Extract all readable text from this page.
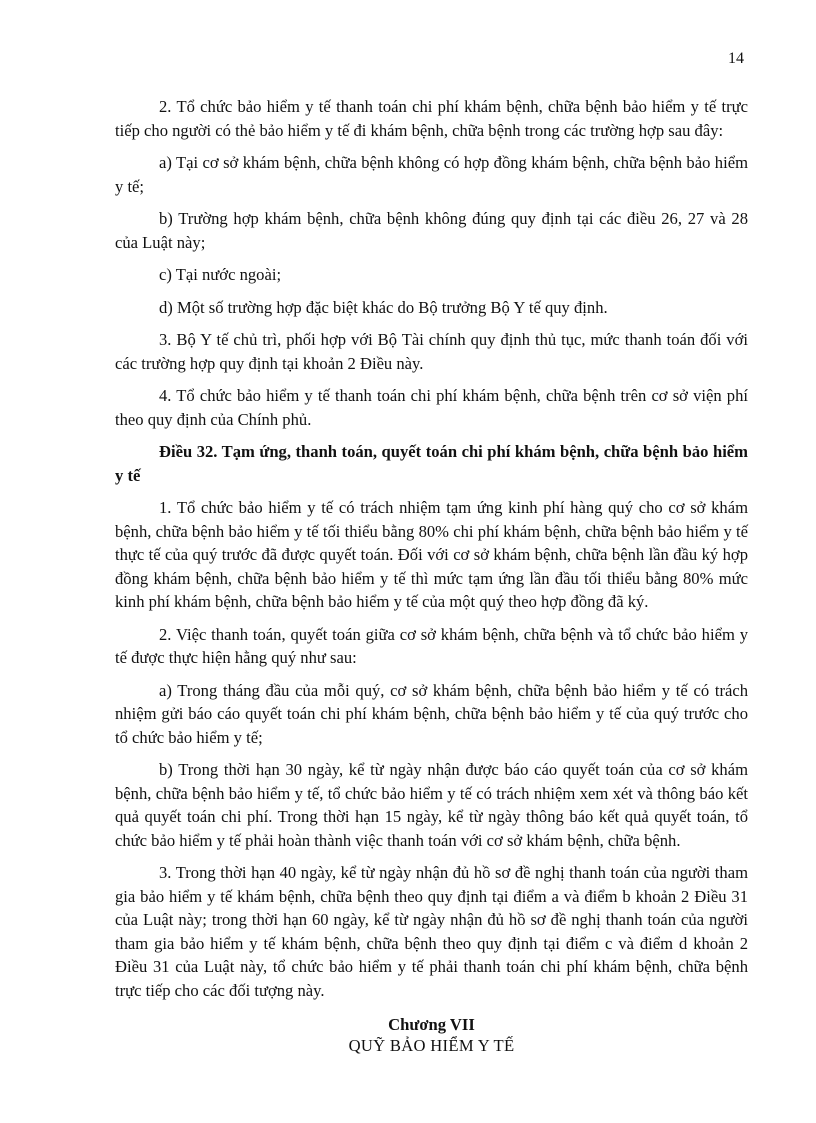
14

2. Tổ chức bảo hiểm y tế thanh toán chi phí khám bệnh, chữa bệnh bảo hiểm y tế trực tiếp cho người có thẻ bảo hiểm y tế đi khám bệnh, chữa bệnh trong các trường hợp sau đây:

a) Tại cơ sở khám bệnh, chữa bệnh không có hợp đồng khám bệnh, chữa bệnh bảo hiểm y tế;

b) Trường hợp khám bệnh, chữa bệnh không đúng quy định tại các điều 26, 27 và 28 của Luật này;

c) Tại nước ngoài;

d) Một số trường hợp đặc biệt khác do Bộ trưởng Bộ Y tế quy định.

3. Bộ Y tế chủ trì, phối hợp với Bộ Tài chính quy định thủ tục, mức thanh toán đối với các trường hợp quy định tại khoản 2 Điều này.

4. Tổ chức bảo hiểm y tế thanh toán chi phí khám bệnh, chữa bệnh trên cơ sở viện phí theo quy định của Chính phủ.

Điều 32. Tạm ứng, thanh toán, quyết toán chi phí khám bệnh, chữa bệnh bảo hiểm y tế

1. Tổ chức bảo hiểm y tế có trách nhiệm tạm ứng kinh phí hàng quý cho cơ sở khám bệnh, chữa bệnh bảo hiểm y tế tối thiểu bằng 80% chi phí khám bệnh, chữa bệnh bảo hiểm y tế thực tế của quý trước đã được quyết toán. Đối với cơ sở khám bệnh, chữa bệnh lần đầu ký hợp đồng khám bệnh, chữa bệnh bảo hiểm y tế thì mức tạm ứng lần đầu tối thiểu bằng 80% mức kinh phí khám bệnh, chữa bệnh bảo hiểm y tế của một quý theo hợp đồng đã ký.

2. Việc thanh toán, quyết toán giữa cơ sở khám bệnh, chữa bệnh và tổ chức bảo hiểm y tế được thực hiện hằng quý như sau:

a) Trong tháng đầu của mỗi quý, cơ sở khám bệnh, chữa bệnh bảo hiểm y tế có trách nhiệm gửi báo cáo quyết toán chi phí khám bệnh, chữa bệnh bảo hiểm y tế của quý trước cho tổ chức bảo hiểm y tế;

b) Trong thời hạn 30 ngày, kể từ ngày nhận được báo cáo quyết toán của cơ sở khám bệnh, chữa bệnh bảo hiểm y tế, tổ chức bảo hiểm y tế có trách nhiệm xem xét và thông báo kết quả quyết toán chi phí. Trong thời hạn 15 ngày, kể từ ngày thông báo kết quả quyết toán, tổ chức bảo hiểm y tế phải hoàn thành việc thanh toán với cơ sở khám bệnh, chữa bệnh.

3. Trong thời hạn 40 ngày, kể từ ngày nhận đủ hồ sơ đề nghị thanh toán của người tham gia bảo hiểm y tế khám bệnh, chữa bệnh theo quy định tại điểm a và điểm b khoản 2 Điều 31 của Luật này; trong thời hạn 60 ngày, kể từ ngày nhận đủ hồ sơ đề nghị thanh toán của người tham gia bảo hiểm y tế khám bệnh, chữa bệnh theo quy định tại điểm c và điểm d khoản 2 Điều 31 của Luật này, tổ chức bảo hiểm y tế phải thanh toán chi phí khám bệnh, chữa bệnh trực tiếp cho các đối tượng này.

Chương VII
QUỸ BẢO HIỂM Y TẾ
